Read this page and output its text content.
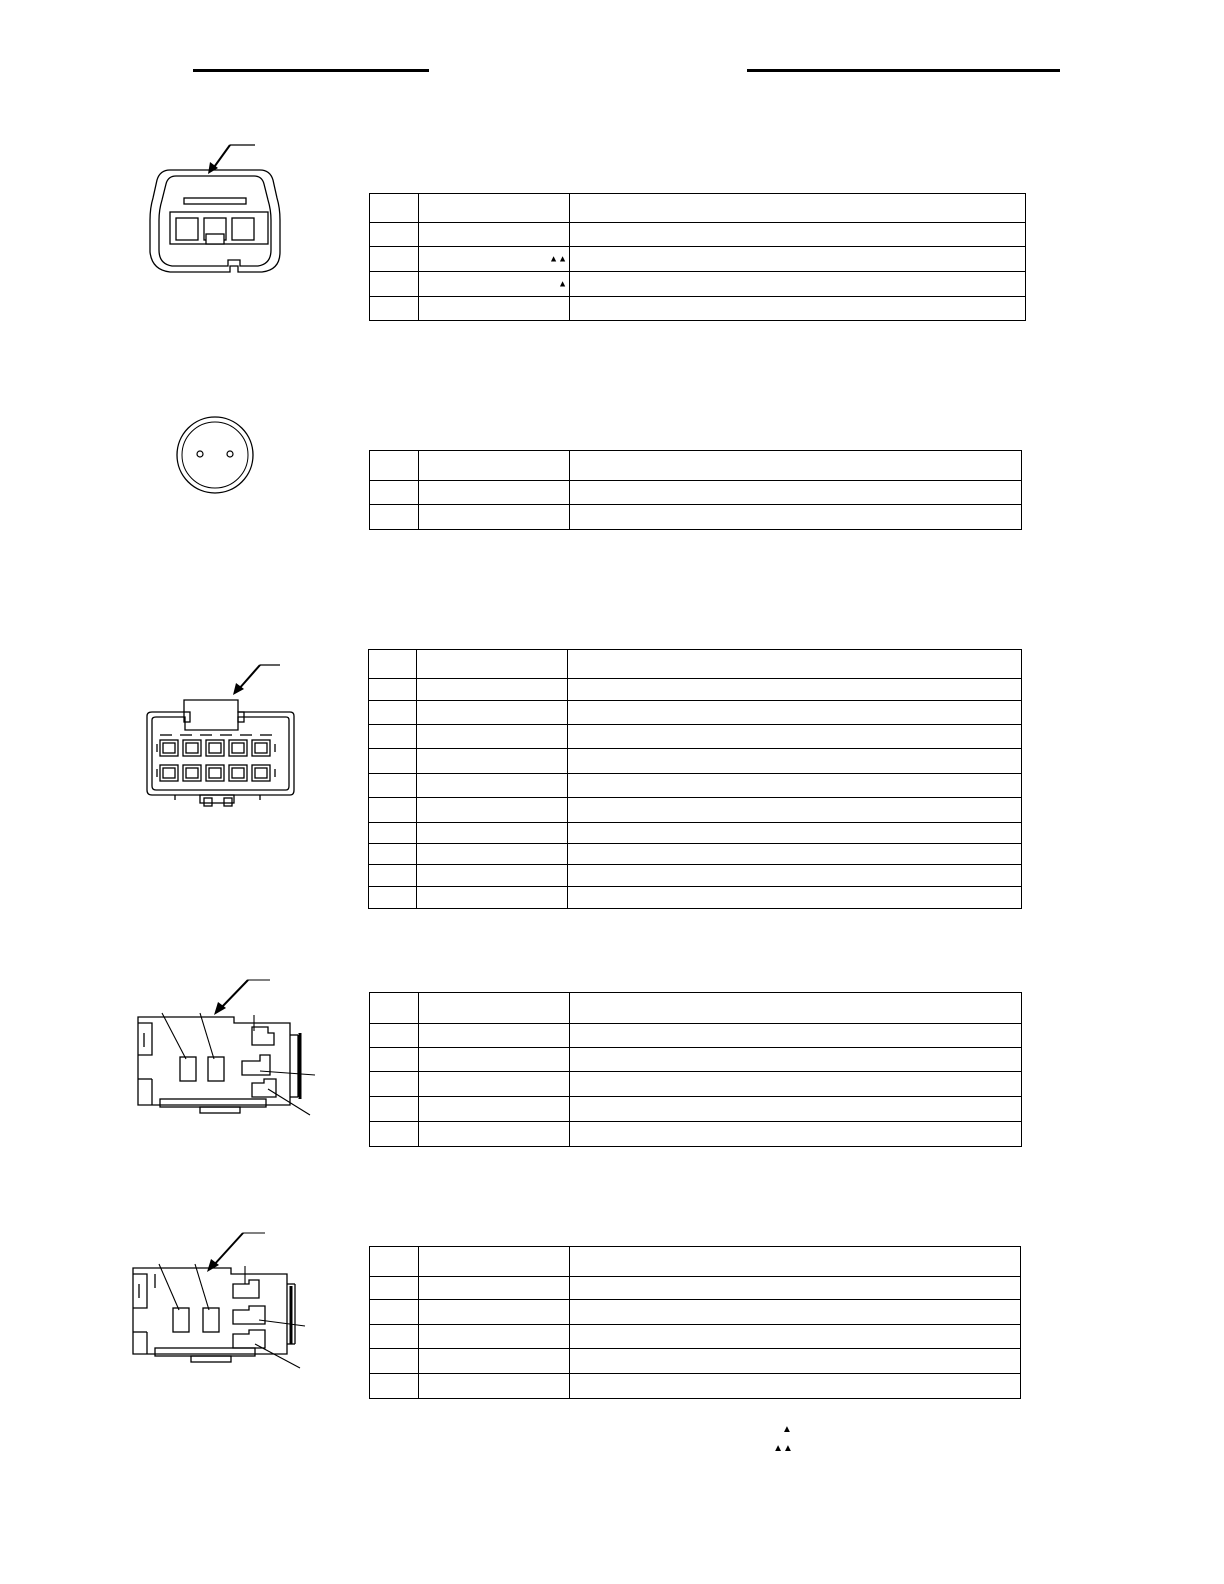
	▲▲	

	▲	

▲
▲▲
